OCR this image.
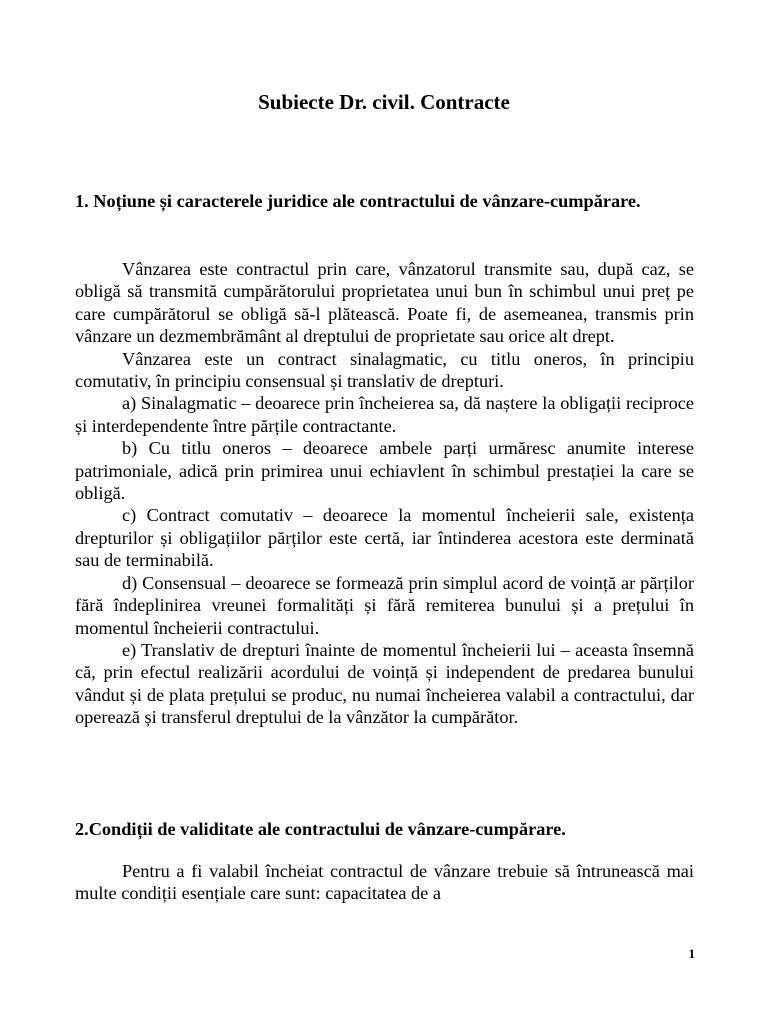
Subiecte Dr. civil. Contracte

1. Noțiune și caracterele juridice ale contractului de vânzare-cumpărare.

Vânzarea este contractul prin care, vânzatorul transmite sau, după caz, se obligă să transmită cumpărătorului proprietatea unui bun în schimbul unui preț pe care cumpărătorul se obligă să-l plătească. Poate fi, de asemeanea, transmis prin vânzare un dezmembrământ al dreptului de proprietate sau orice alt drept.

Vânzarea este un contract sinalagmatic, cu titlu oneros, în principiu comutativ, în principiu consensual și translativ de drepturi.

a) Sinalagmatic – deoarece prin încheierea sa, dă naștere la obligații reciproce și interdependente între părțile contractante.

b) Cu titlu oneros – deoarece ambele parți urmăresc anumite interese patrimoniale, adică prin primirea unui echiavlent în schimbul prestației la care se obligă.

c) Contract comutativ – deoarece la momentul încheierii sale, existența drepturilor și obligațiilor părților este certă, iar întinderea acestora este derminată sau de terminabilă.

d) Consensual – deoarece se formează prin simplul acord de voință ar părților fără îndeplinirea vreunei formalități și fără remiterea bunului și a prețului în momentul încheierii contractului.

e) Translativ de drepturi înainte de momentul încheierii lui – aceasta însemnă că, prin efectul realizării acordului de voință și independent de predarea bunului vândut și de plata prețului se produc, nu numai încheierea valabil a contractului, dar operează și transferul dreptului de la vânzător la cumpărător.

2.Condiții de validitate ale contractului de vânzare-cumpărare.

Pentru a fi valabil încheiat contractul de vânzare trebuie să întrunească mai multe condiții esențiale care sunt: capacitatea de a

1
